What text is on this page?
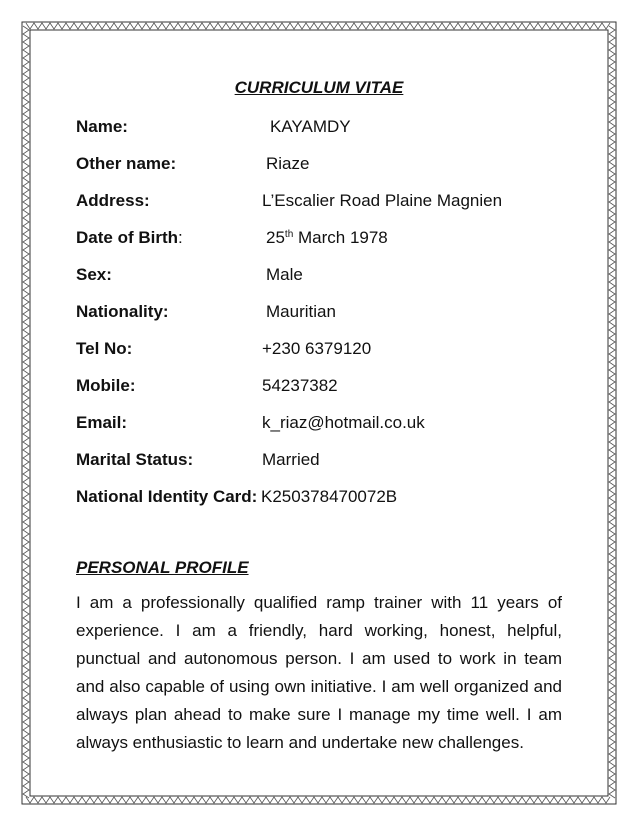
CURRICULUM VITAE
Name:	KAYAMDY
Other name:	Riaze
Address:	L’Escalier Road Plaine Magnien
Date of Birth:	25th March 1978
Sex:	Male
Nationality:	Mauritian
Tel No:	+230 6379120
Mobile:	54237382
Email:	k_riaz@hotmail.co.uk
Marital Status:	Married
National Identity Card: K250378470072B
PERSONAL PROFILE

I am a professionally qualified ramp trainer with 11 years of experience. I am a friendly, hard working, honest, helpful, punctual and autonomous person. I am used to work in team and also capable of using own initiative. I am well organized and always plan ahead to make sure I manage my time well. I am always enthusiastic to learn and undertake new challenges.
